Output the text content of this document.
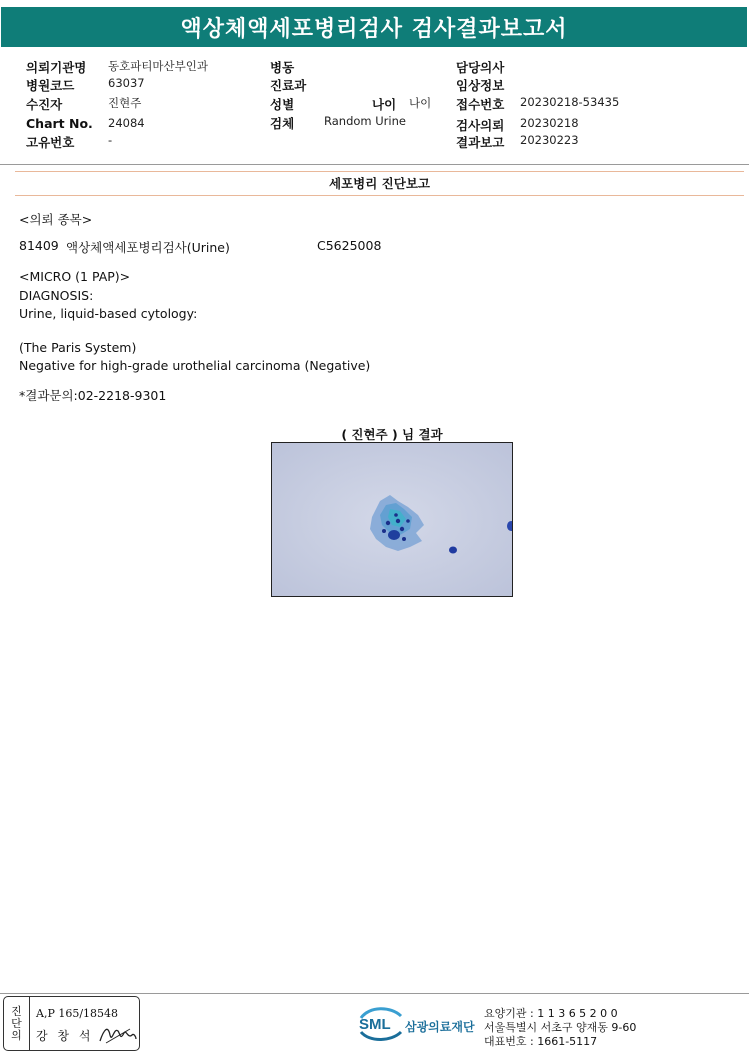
액상체액세포병리검사 검사결과보고서
의뢰기관명 동호파티마산부인과
병원코드	63037
수진자	진현주
Chart No. 24084
고유번호	-
병동
진료과
성별	나이 나이
검체	Random Urine
담당의사
임상정보
접수번호 20230218-53435
검사의뢰 20230218
결과보고 20230223
세포병리 진단보고
<의뢰 종목>
81409 액상체액세포병리검사(Urine)	C5625008
<MICRO (1 PAP)>
DIAGNOSIS:
Urine, liquid-based cytology:
(The Paris System)
Negative for high-grade urothelial carcinoma (Negative)
*결과문의:02-2218-9301
( 진현주 ) 님 결과
진
단
의
A,P 165/18548
강 창 석
SML 삼광의료재단
요양기관 : 1 1 3 6 5 2 0 0
서울특별시 서초구 양재동 9-60
대표번호 : 1661-5117
